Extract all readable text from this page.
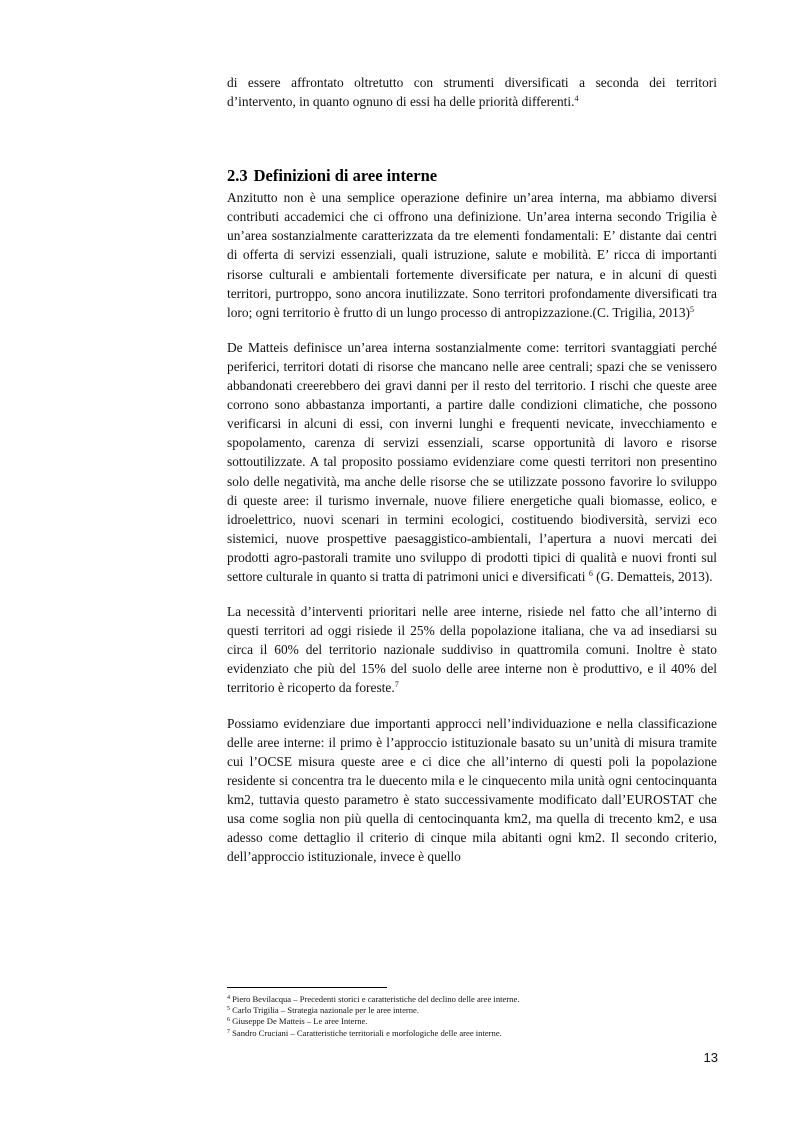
di essere affrontato oltretutto con strumenti diversificati a seconda dei territori d’intervento, in quanto ognuno di essi ha delle priorità differenti.$^4$

2.3 Definizioni di aree interne

Anzitutto non è una semplice operazione definire un’area interna, ma abbiamo diversi contributi accademici che ci offrono una definizione. Un’area interna secondo Trigilia è un’area sostanzialmente caratterizzata da tre elementi fondamentali: E’ distante dai centri di offerta di servizi essenziali, quali istruzione, salute e mobilità. E’ ricca di importanti risorse culturali e ambientali fortemente diversificate per natura, e in alcuni di questi territori, purtroppo, sono ancora inutilizzate. Sono territori profondamente diversificati tra loro; ogni territorio è frutto di un lungo processo di antropizzazione.(C. Trigilia, 2013)$^5$

De Matteis definisce un’area interna sostanzialmente come: territori svantaggiati perché periferici, territori dotati di risorse che mancano nelle aree centrali; spazi che se venissero abbandonati creerebbero dei gravi danni per il resto del territorio. I rischi che queste aree corrono sono abbastanza importanti, a partire dalle condizioni climatiche, che possono verificarsi in alcuni di essi, con inverni lunghi e frequenti nevicate, invecchiamento e spopolamento, carenza di servizi essenziali, scarse opportunità di lavoro e risorse sottoutilizzate. A tal proposito possiamo evidenziare come questi territori non presentino solo delle negatività, ma anche delle risorse che se utilizzate possono favorire lo sviluppo di queste aree: il turismo invernale, nuove filiere energetiche quali biomasse, eolico, e idroelettrico, nuovi scenari in termini ecologici, costituendo biodiversità, servizi eco sistemici, nuove prospettive paesaggistico-ambientali, l’apertura a nuovi mercati dei prodotti agro-pastorali tramite uno sviluppo di prodotti tipici di qualità e nuovi fronti sul settore culturale in quanto si tratta di patrimoni unici e diversificati $^6$ (G. Dematteis, 2013).

La necessità d’interventi prioritari nelle aree interne, risiede nel fatto che all’interno di questi territori ad oggi risiede il 25% della popolazione italiana, che va ad insediarsi su circa il 60% del territorio nazionale suddiviso in quattromila comuni. Inoltre è stato evidenziato che più del 15% del suolo delle aree interne non è produttivo, e il 40% del territorio è ricoperto da foreste.$^7$

Possiamo evidenziare due importanti approcci nell’individuazione e nella classificazione delle aree interne: il primo è l’approccio istituzionale basato su un’unità di misura tramite cui l’OCSE misura queste aree e ci dice che all’interno di questi poli la popolazione residente si concentra tra le duecento mila e le cinquecento mila unità ogni centocinquanta km2, tuttavia questo parametro è stato successivamente modificato dall’EUROSTAT che usa come soglia non più quella di centocinquanta km2, ma quella di trecento km2, e usa adesso come dettaglio il criterio di cinque mila abitanti ogni km2. Il secondo criterio, dell’approccio istituzionale, invece è quello

$^4$ Piero Bevilacqua – Precedenti storici e caratteristiche del declino delle aree interne.

$^5$ Carlo Trigilia – Strategia nazionale per le aree interne.

$^6$ Giuseppe De Matteis – Le aree Interne.

$^7$ Sandro Cruciani – Caratteristiche territoriali e morfologiche delle aree interne.

13
